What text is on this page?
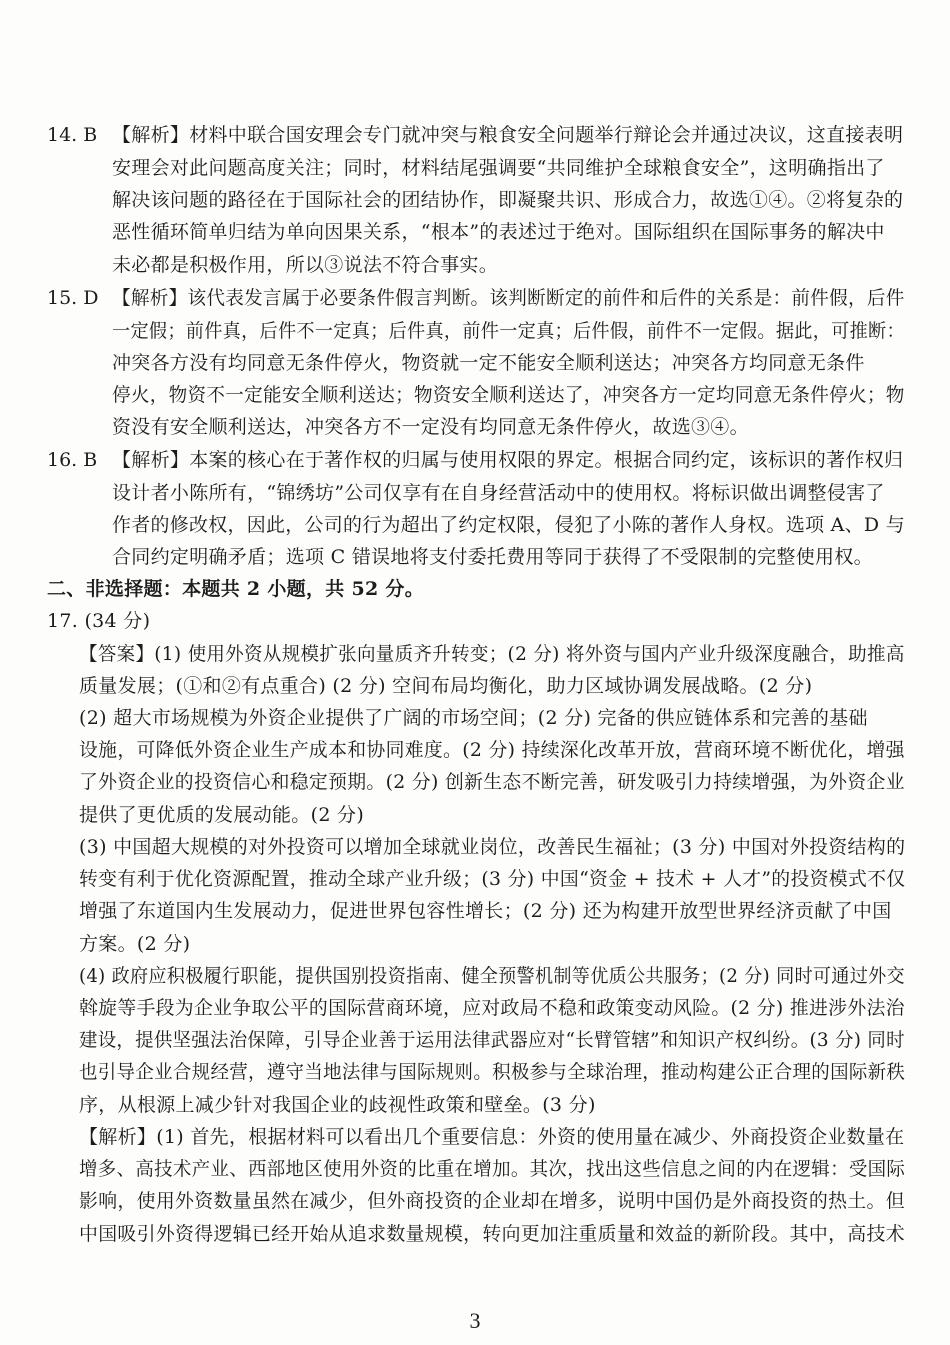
14. B 【解析】材料中联合国安理会专门就冲突与粮食安全问题举行辩论会并通过决议，这直接表明
安理会对此问题高度关注；同时，材料结尾强调要“共同维护全球粮食安全”，这明确指出了
解决该问题的路径在于国际社会的团结协作，即凝聚共识、形成合力，故选①④。②将复杂的
恶性循环简单归结为单向因果关系，“根本”的表述过于绝对。国际组织在国际事务的解决中
未必都是积极作用，所以③说法不符合事实。
15. D 【解析】该代表发言属于必要条件假言判断。该判断断定的前件和后件的关系是：前件假，后件
一定假；前件真，后件不一定真；后件真，前件一定真；后件假，前件不一定假。据此，可推断：
冲突各方没有均同意无条件停火，物资就一定不能安全顺利送达；冲突各方均同意无条件
停火，物资不一定能安全顺利送达；物资安全顺利送达了，冲突各方一定均同意无条件停火；物
资没有安全顺利送达，冲突各方不一定没有均同意无条件停火，故选③④。
16. B 【解析】本案的核心在于著作权的归属与使用权限的界定。根据合同约定，该标识的著作权归
设计者小陈所有，“锦绣坊”公司仅享有在自身经营活动中的使用权。将标识做出调整侵害了
作者的修改权，因此，公司的行为超出了约定权限，侵犯了小陈的著作人身权。选项 A、D 与
合同约定明确矛盾；选项 C 错误地将支付委托费用等同于获得了不受限制的完整使用权。
二、非选择题：本题共 2 小题，共 52 分。
17. (34 分)
【答案】(1) 使用外资从规模扩张向量质齐升转变；(2 分) 将外资与国内产业升级深度融合，助推高
质量发展；(①和②有点重合) (2 分) 空间布局均衡化，助力区域协调发展战略。(2 分)
(2) 超大市场规模为外资企业提供了广阔的市场空间；(2 分) 完备的供应链体系和完善的基础
设施，可降低外资企业生产成本和协同难度。(2 分) 持续深化改革开放，营商环境不断优化，增强
了外资企业的投资信心和稳定预期。(2 分) 创新生态不断完善，研发吸引力持续增强，为外资企业
提供了更优质的发展动能。(2 分)
(3) 中国超大规模的对外投资可以增加全球就业岗位，改善民生福祉；(3 分) 中国对外投资结构的
转变有利于优化资源配置，推动全球产业升级；(3 分) 中国“资金 + 技术 + 人才”的投资模式不仅
增强了东道国内生发展动力，促进世界包容性增长；(2 分) 还为构建开放型世界经济贡献了中国
方案。(2 分)
(4) 政府应积极履行职能，提供国别投资指南、健全预警机制等优质公共服务；(2 分) 同时可通过外交
斡旋等手段为企业争取公平的国际营商环境，应对政局不稳和政策变动风险。(2 分) 推进涉外法治
建设，提供坚强法治保障，引导企业善于运用法律武器应对“长臂管辖”和知识产权纠纷。(3 分) 同时
也引导企业合规经营，遵守当地法律与国际规则。积极参与全球治理，推动构建公正合理的国际新秩
序，从根源上减少针对我国企业的歧视性政策和壁垒。(3 分)
【解析】(1) 首先，根据材料可以看出几个重要信息：外资的使用量在减少、外商投资企业数量在
增多、高技术产业、西部地区使用外资的比重在增加。其次，找出这些信息之间的内在逻辑：受国际
影响，使用外资数量虽然在减少，但外商投资的企业却在增多，说明中国仍是外商投资的热土。但
中国吸引外资得逻辑已经开始从追求数量规模，转向更加注重质量和效益的新阶段。其中，高技术
3
